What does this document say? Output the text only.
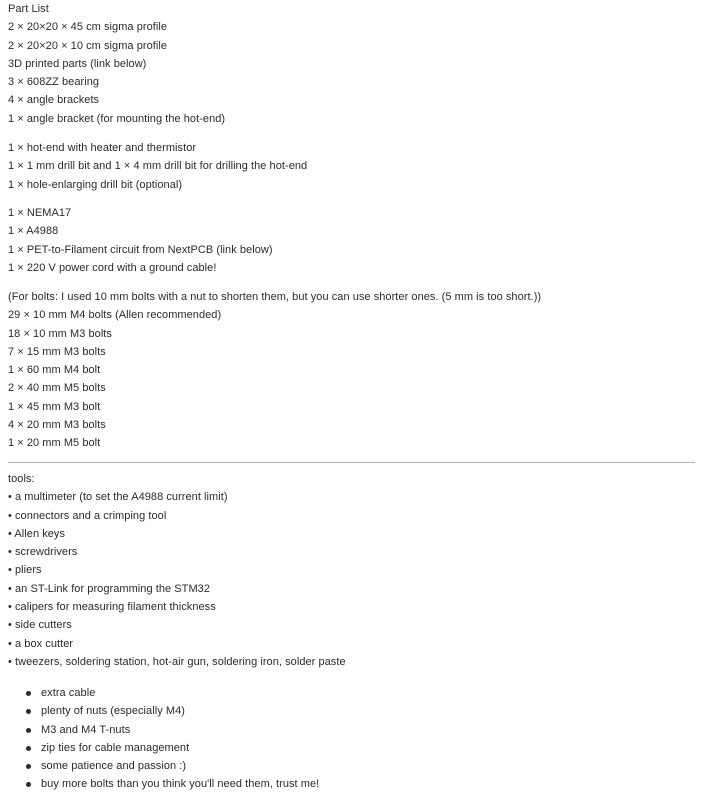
Part List
2 × 20×20 × 45 cm sigma profile
2 × 20×20 × 10 cm sigma profile
3D printed parts (link below)
3 × 608ZZ bearing
4 × angle brackets
1 × angle bracket (for mounting the hot-end)
1 × hot-end with heater and thermistor
1 × 1 mm drill bit and 1 × 4 mm drill bit for drilling the hot-end
1 × hole-enlarging drill bit (optional)
1 × NEMA17
1 × A4988
1 × PET-to-Filament circuit from NextPCB (link below)
1 × 220 V power cord with a ground cable!
(For bolts: I used 10 mm bolts with a nut to shorten them, but you can use shorter ones. (5 mm is too short.))
29 × 10 mm M4 bolts (Allen recommended)
18 × 10 mm M3 bolts
7 × 15 mm M3 bolts
1 × 60 mm M4 bolt
2 × 40 mm M5 bolts
1 × 45 mm M3 bolt
4 × 20 mm M3 bolts
1 × 20 mm M5 bolt
tools:
• a multimeter (to set the A4988 current limit)
• connectors and a crimping tool
• Allen keys
• screwdrivers
• pliers
• an ST-Link for programming the STM32
• calipers for measuring filament thickness
• side cutters
• a box cutter
• tweezers, soldering station, hot-air gun, soldering iron, solder paste
extra cable
plenty of nuts (especially M4)
M3 and M4 T-nuts
zip ties for cable management
some patience and passion :)
buy more bolts than you think you'll need them, trust me!
